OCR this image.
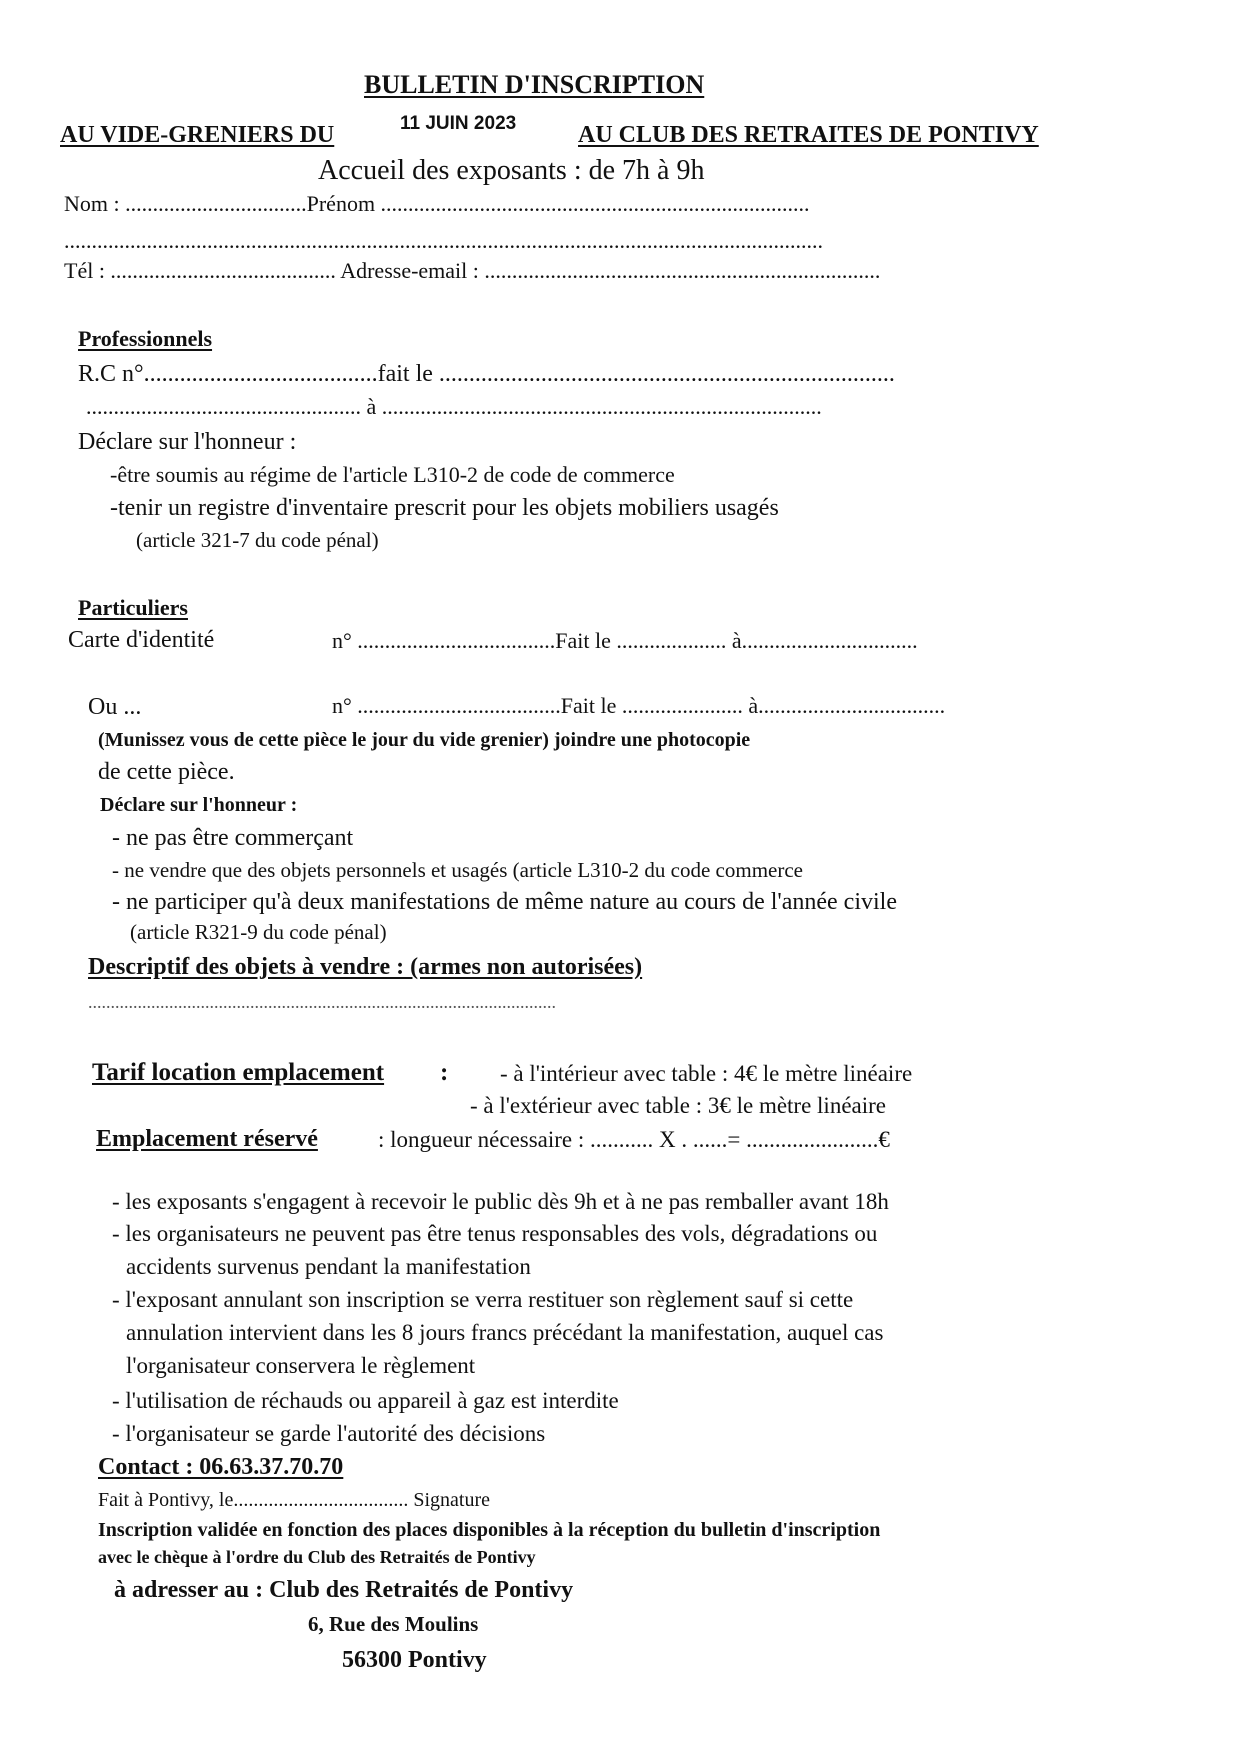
BULLETIN D'INSCRIPTION
AU VIDE-GRENIERS DU	11 JUIN 2023	AU CLUB DES RETRAITES DE PONTIVY
Accueil des exposants : de 7h à 9h
Nom : .................................Prénom ..............................................................................
..........................................................................................................................................
Tél : ......................................... Adresse-email : ........................................................................
Professionnels
R.C n°.......................................fait le ............................................................................
.................................................. à ................................................................................
Déclare sur l'honneur :
-être soumis au régime de l'article L310-2 de code de commerce
-tenir un registre d'inventaire prescrit pour les objets mobiliers usagés
(article 321-7 du code pénal)
Particuliers
Carte d'identité	n° ....................................Fait le .................... à................................
Ou ...	n° .....................................Fait le ...................... à..................................
(Munissez vous de cette pièce le jour du vide grenier) joindre une photocopie
de cette pièce.
Déclare sur l'honneur :
- ne pas être commerçant
- ne vendre que des objets personnels et usagés (article L310-2 du code commerce
- ne participer qu'à deux manifestations de même nature au cours de l'année civile
(article R321-9 du code pénal)
Descriptif des objets à vendre : (armes non autorisées)
........................................................................................................
Tarif location emplacement : - à l'intérieur avec table : 4€ le mètre linéaire
- à l'extérieur avec table : 3€ le mètre linéaire
Emplacement réservé	: longueur nécessaire : ........... X . ......= .......................€
- les exposants s'engagent à recevoir le public dès 9h et à ne pas remballer avant 18h
- les organisateurs ne peuvent pas être tenus responsables des vols, dégradations ou
accidents survenus pendant la manifestation
- l'exposant annulant son inscription se verra restituer son règlement sauf si cette
annulation intervient dans les 8 jours francs précédant la manifestation, auquel cas
l'organisateur conservera le règlement
- l'utilisation de réchauds ou appareil à gaz est interdite
- l'organisateur se garde l'autorité des décisions
Contact : 06.63.37.70.70
Fait à Pontivy, le................................... Signature
Inscription validée en fonction des places disponibles à la réception du bulletin d'inscription
avec le chèque à l'ordre du Club des Retraités de Pontivy
à adresser au : Club des Retraités de Pontivy
6, Rue des Moulins
56300 Pontivy
